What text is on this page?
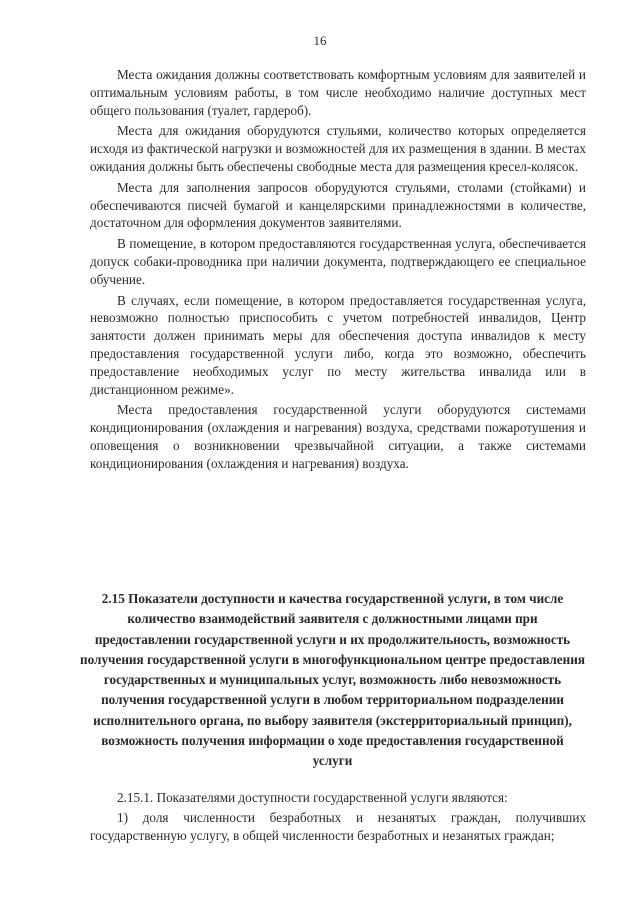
16

Места ожидания должны соответствовать комфортным условиям для заявителей и оптимальным условиям работы, в том числе необходимо наличие доступных мест общего пользования (туалет, гардероб).

Места для ожидания оборудуются стульями, количество которых определяется исходя из фактической нагрузки и возможностей для их размещения в здании. В местах ожидания должны быть обеспечены свободные места для размещения кресел-колясок.

Места для заполнения запросов оборудуются стульями, столами (стойками) и обеспечиваются писчей бумагой и канцелярскими принадлежностями в количестве, достаточном для оформления документов заявителями.

В помещение, в котором предоставляются государственная услуга, обеспечивается допуск собаки-проводника при наличии документа, подтверждающего ее специальное обучение.

В случаях, если помещение, в котором предоставляется государственная услуга, невозможно полностью приспособить с учетом потребностей инвалидов, Центр занятости должен принимать меры для обеспечения доступа инвалидов к месту предоставления государственной услуги либо, когда это возможно, обеспечить предоставление необходимых услуг по месту жительства инвалида или в дистанционном режиме».

Места предоставления государственной услуги оборудуются системами кондиционирования (охлаждения и нагревания) воздуха, средствами пожаротушения и оповещения о возникновении чрезвычайной ситуации, а также системами кондиционирования (охлаждения и нагревания) воздуха.

2.15 Показатели доступности и качества государственной услуги, в том числе количество взаимодействий заявителя с должностными лицами при предоставлении государственной услуги и их продолжительность, возможность получения государственной услуги в многофункциональном центре предоставления государственных и муниципальных услуг, возможность либо невозможность получения государственной услуги в любом территориальном подразделении исполнительного органа, по выбору заявителя (экстерриториальный принцип), возможность получения информации о ходе предоставления государственной услуги

2.15.1. Показателями доступности государственной услуги являются:

1) доля численности безработных и незанятых граждан, получивших государственную услугу, в общей численности безработных и незанятых граждан;
